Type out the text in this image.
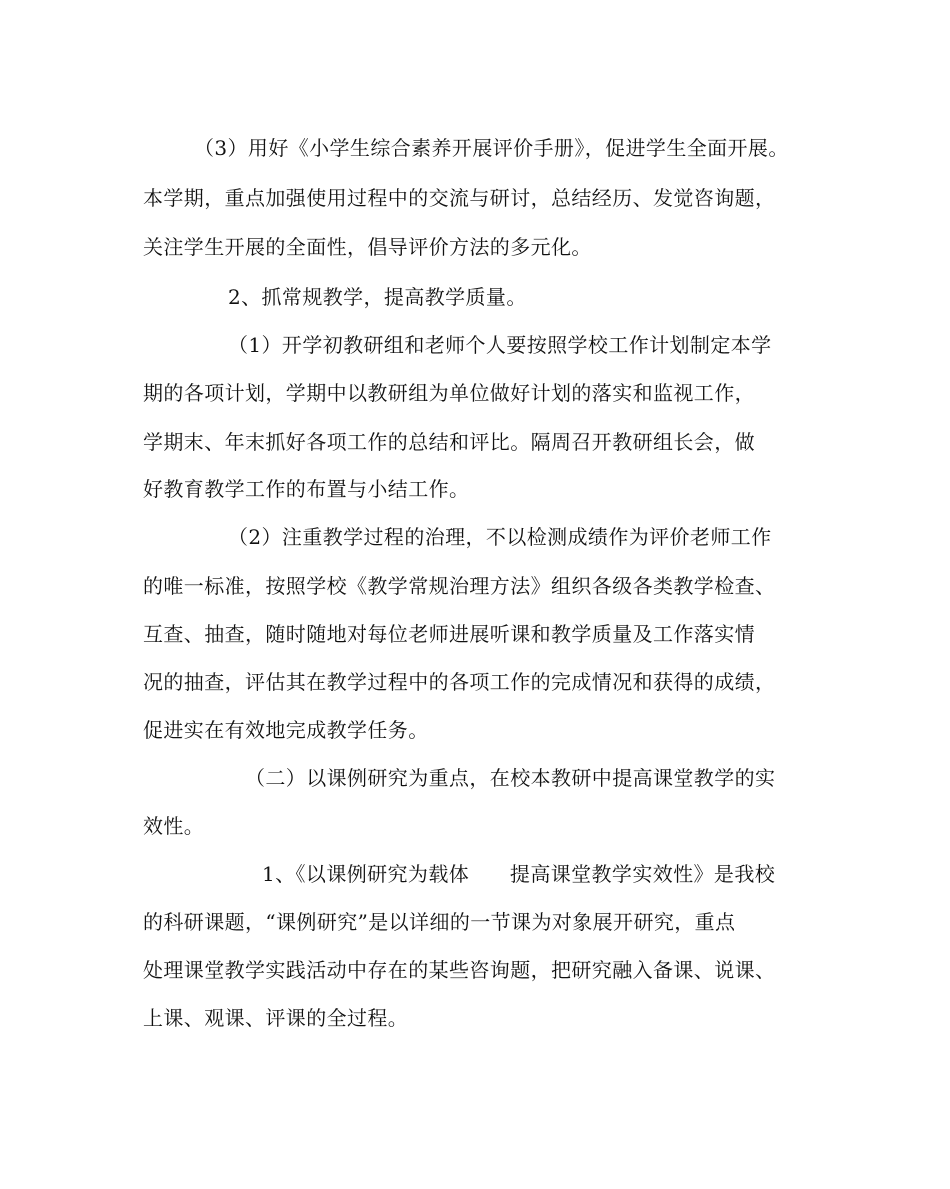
（3）用好《小学生综合素养开展评价手册》，促进学生全面开展。
本学期，重点加强使用过程中的交流与研讨，总结经历、发觉咨询题，
关注学生开展的全面性，倡导评价方法的多元化。
2、抓常规教学，提高教学质量。
（1）开学初教研组和老师个人要按照学校工作计划制定本学
期的各项计划，学期中以教研组为单位做好计划的落实和监视工作，
学期末、年末抓好各项工作的总结和评比。隔周召开教研组长会，做
好教育教学工作的布置与小结工作。
（2）注重教学过程的治理，不以检测成绩作为评价老师工作
的唯一标准，按照学校《教学常规治理方法》组织各级各类教学检查、
互查、抽查，随时随地对每位老师进展听课和教学质量及工作落实情
况的抽查，评估其在教学过程中的各项工作的完成情况和获得的成绩，
促进实在有效地完成教学任务。
（二）以课例研究为重点，在校本教研中提高课堂教学的实
效性。
1、《以课例研究为载体　　提高课堂教学实效性》是我校
的科研课题，“课例研究”是以详细的一节课为对象展开研究，重点
处理课堂教学实践活动中存在的某些咨询题，把研究融入备课、说课、
上课、观课、评课的全过程。
